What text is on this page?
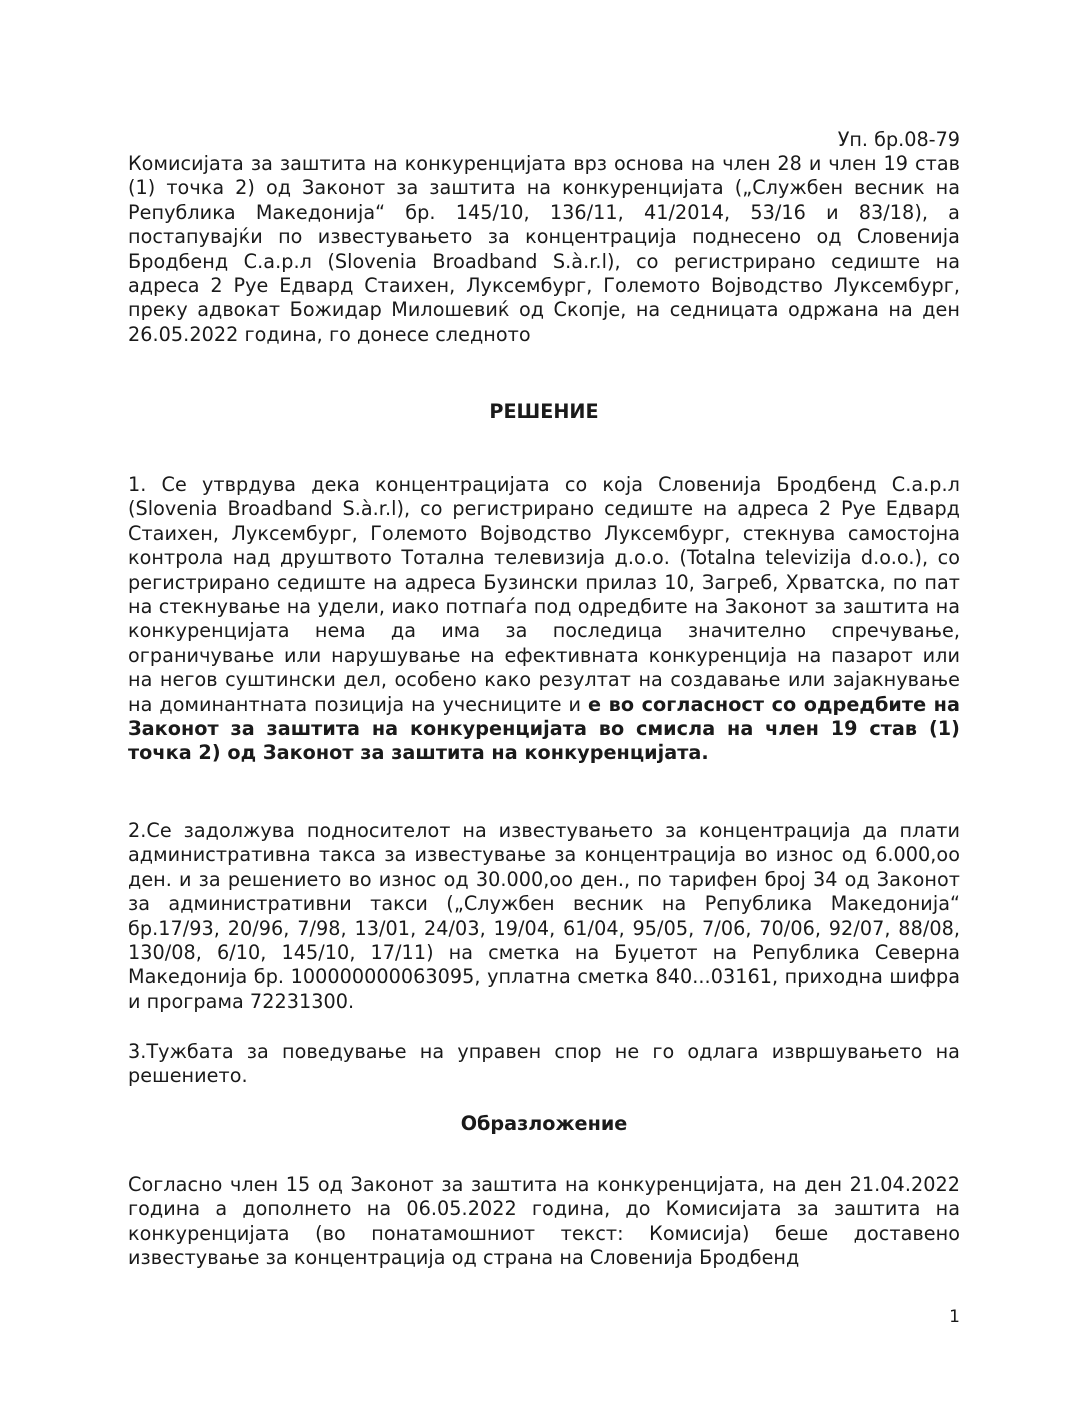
Уп. бр.08-79
Комисијата за заштита на конкуренцијата врз основа на член 28 и член 19 став (1) точка 2) од Законот за заштита на конкуренцијата („Службен весник на Република Македонија“ бр. 145/10, 136/11, 41/2014, 53/16 и 83/18), а постапувајќи по известувањето за концентрација поднесено од Словенија Бродбенд С.а.р.л (Slovenia Broadband S.à.r.l), со регистрирано седиште на адреса 2 Руе Едвард Стаихен, Луксембург, Големото Војводство Луксембург, преку адвокат Божидар Милошевиќ од Скопје, на седницата одржана на ден 26.05.2022 година, го донесе следното
РЕШЕНИЕ
1. Се утврдува дека концентрацијата со која Словенија Бродбенд С.а.р.л (Slovenia Broadband S.à.r.l), со регистрирано седиште на адреса 2 Руе Едвард Стаихен, Луксембург, Големото Војводство Луксембург, стекнува самостојна контрола над друштвото Тотална телевизија д.о.о. (Totalna televizija d.o.o.), со регистрирано седиште на адреса Бузински прилаз 10, Загреб, Хрватска, по пат на стекнување на удели, иако потпаѓа под одредбите на Законот за заштита на конкуренцијата нема да има за последица значително спречување, ограничување или нарушување на ефективната конкуренција на пазарот или на негов суштински дел, особено како резултат на создавање или зајакнување на доминантната позиција на учесниците и е во согласност со одредбите на Законот за заштита на конкуренцијата во смисла на член 19 став (1) точка 2) од Законот за заштита на конкуренцијата.
2.Се задолжува подносителот на известувањето за концентрација да плати административна такса за известување за концентрација во износ од 6.000,оо ден. и за решението во износ од 30.000,оо ден., по тарифен број 34 од Законот за административни такси („Службен весник на Република Македонија“ бр.17/93, 20/96, 7/98, 13/01, 24/03, 19/04, 61/04, 95/05, 7/06, 70/06, 92/07, 88/08, 130/08, 6/10, 145/10, 17/11) на сметка на Буџетот на Република Северна Македонија бр. 100000000063095, уплатна сметка 840...03161, приходна шифра и програма 72231300.
3.Тужбата за поведување на управен спор не го одлага извршувањето на решението.
Образложение
Согласно член 15 од Законот за заштита на конкуренцијата, на ден 21.04.2022 година а дополнето на 06.05.2022 година, до Комисијата за заштита на конкуренцијата (во понатамошниот текст: Комисија) беше доставено известување за концентрација од страна на Словенија Бродбенд
1
